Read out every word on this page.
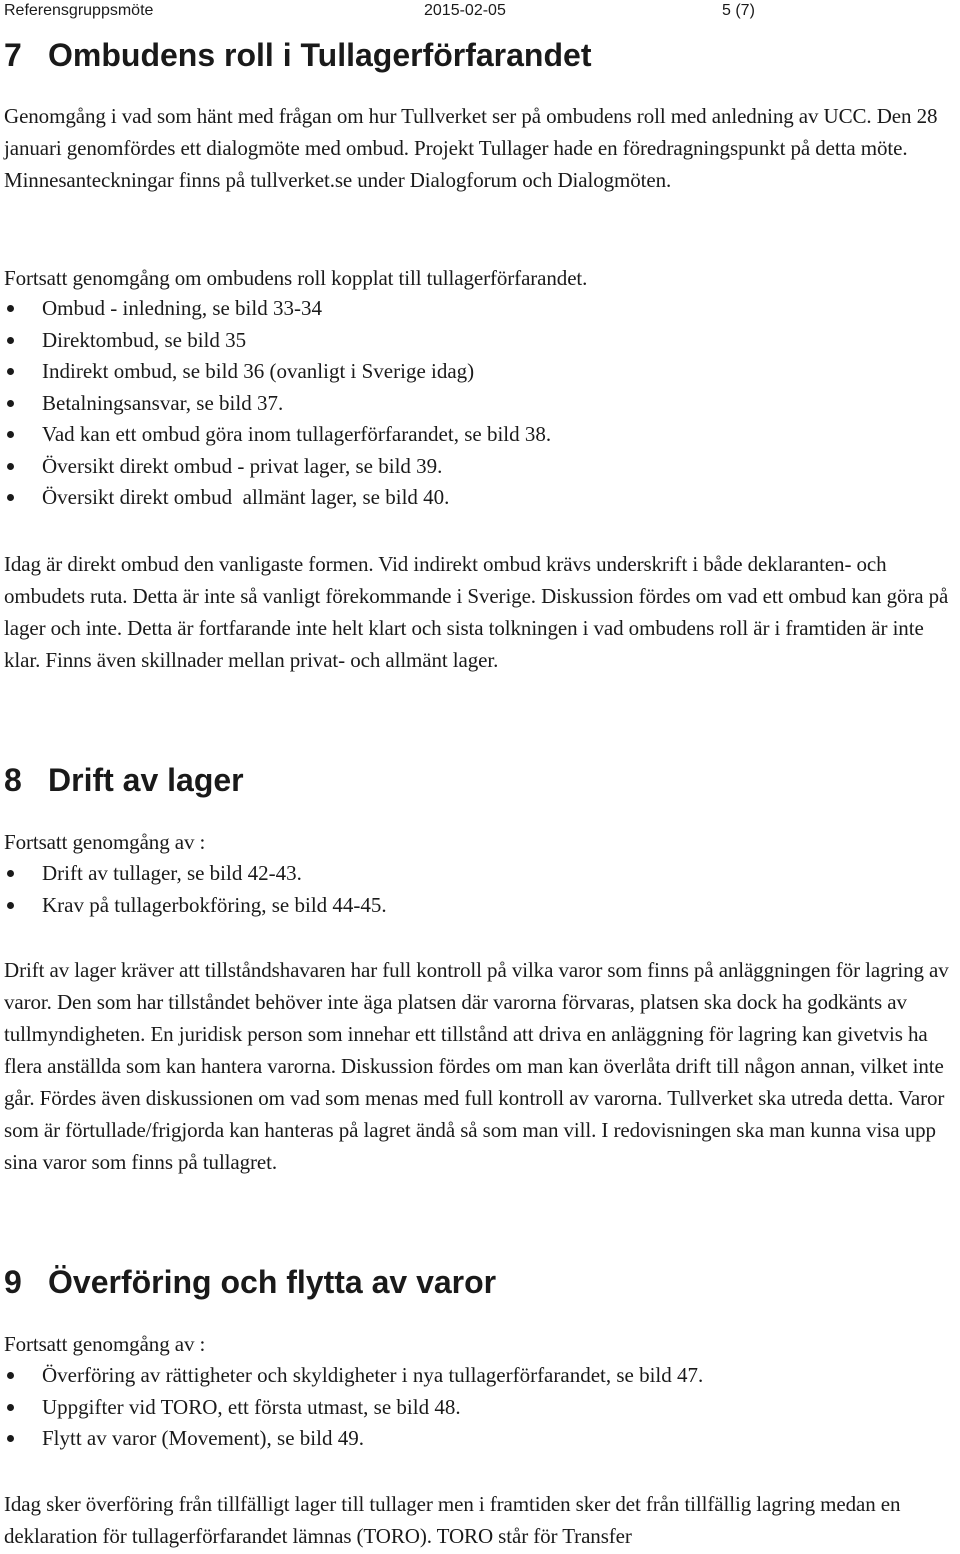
Referensgruppsmöte	2015-02-05	5 (7)
7 Ombudens roll i Tullagerförfarandet

Genomgång i vad som hänt med frågan om hur Tullverket ser på ombudens roll med anledning av UCC. Den 28 januari genomfördes ett dialogmöte med ombud. Projekt Tullager hade en föredragningspunkt på detta möte. Minnesanteckningar finns på tullverket.se under Dialogforum och Dialogmöten.

Fortsatt genomgång om ombudens roll kopplat till tullagerförfarandet.

Ombud - inledning, se bild 33-34
Direktombud, se bild 35
Indirekt ombud, se bild 36 (ovanligt i Sverige idag)
Betalningsansvar, se bild 37.
Vad kan ett ombud göra inom tullagerförfarandet, se bild 38.
Översikt direkt ombud - privat lager, se bild 39.
Översikt direkt ombud  allmänt lager, se bild 40.

Idag är direkt ombud den vanligaste formen. Vid indirekt ombud krävs underskrift i både deklaranten- och ombudets ruta. Detta är inte så vanligt förekommande i Sverige. Diskussion fördes om vad ett ombud kan göra på lager och inte. Detta är fortfarande inte helt klart och sista tolkningen i vad ombudens roll är i framtiden är inte klar. Finns även skillnader mellan privat- och allmänt lager.

8 Drift av lager

Fortsatt genomgång av :

Drift av tullager, se bild 42-43.
Krav på tullagerbokföring, se bild 44-45.

Drift av lager kräver att tillståndshavaren har full kontroll på vilka varor som finns på anläggningen för lagring av varor. Den som har tillståndet behöver inte äga platsen där varorna förvaras, platsen ska dock ha godkänts av tullmyndigheten. En juridisk person som innehar ett tillstånd att driva en anläggning för lagring kan givetvis ha flera anställda som kan hantera varorna. Diskussion fördes om man kan överlåta drift till någon annan, vilket inte går. Fördes även diskussionen om vad som menas med full kontroll av varorna. Tullverket ska utreda detta. Varor som är förtullade/frigjorda kan hanteras på lagret ändå så som man vill. I redovisningen ska man kunna visa upp sina varor som finns på tullagret.

9 Överföring och flytta av varor

Fortsatt genomgång av :

Överföring av rättigheter och skyldigheter i nya tullagerförfarandet, se bild 47.
Uppgifter vid TORO, ett första utmast, se bild 48.
Flytt av varor (Movement), se bild 49.

Idag sker överföring från tillfälligt lager till tullager men i framtiden sker det från tillfällig lagring medan en deklaration för tullagerförfarandet lämnas (TORO). TORO står för Transfer
